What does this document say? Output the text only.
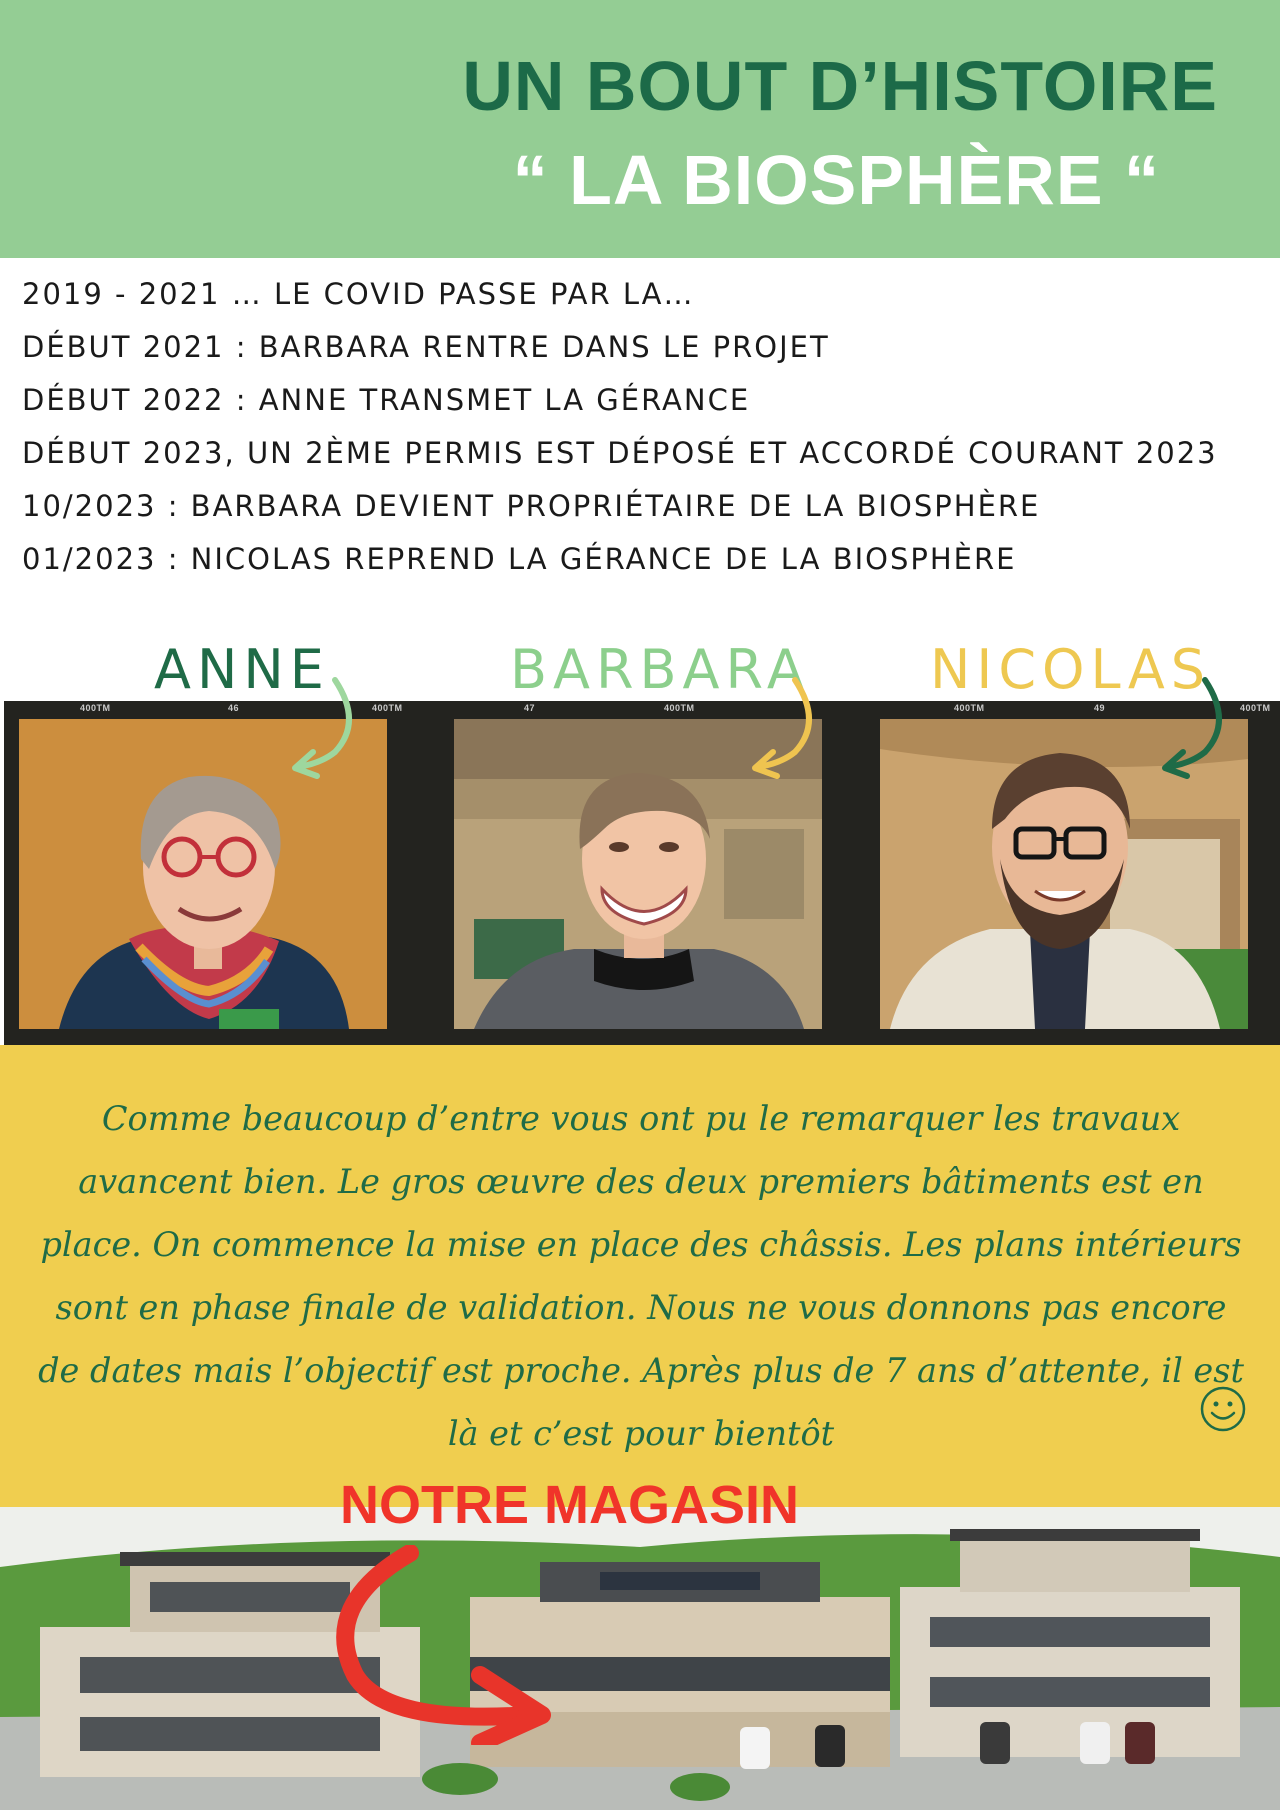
UN BOUT D’HISTOIRE
“ LA BIOSPHÈRE “
2019 - 2021 … LE COVID PASSE PAR LA…
DÉBUT 2021 : BARBARA RENTRE DANS LE PROJET
DÉBUT 2022 : ANNE TRANSMET LA GÉRANCE
DÉBUT 2023, UN 2ÈME PERMIS EST DÉPOSÉ ET ACCORDÉ COURANT 2023
10/2023 : BARBARA DEVIENT PROPRIÉTAIRE DE LA BIOSPHÈRE
01/2023 : NICOLAS REPREND LA GÉRANCE DE LA BIOSPHÈRE
ANNE	BARBARA NICOLAS
400TM	46	400TM	47	400TM	400TM	49	400TM
Comme beaucoup d’entre vous ont pu le remarquer les travaux avancent bien. Le gros œuvre des deux premiers bâtiments est en place. On commence la mise en place des châssis. Les plans intérieurs sont en phase finale de validation. Nous ne vous donnons pas encore de dates mais l’objectif est proche. Après plus de 7 ans d’attente, il est là et c’est pour bientôt
NOTRE MAGASIN
